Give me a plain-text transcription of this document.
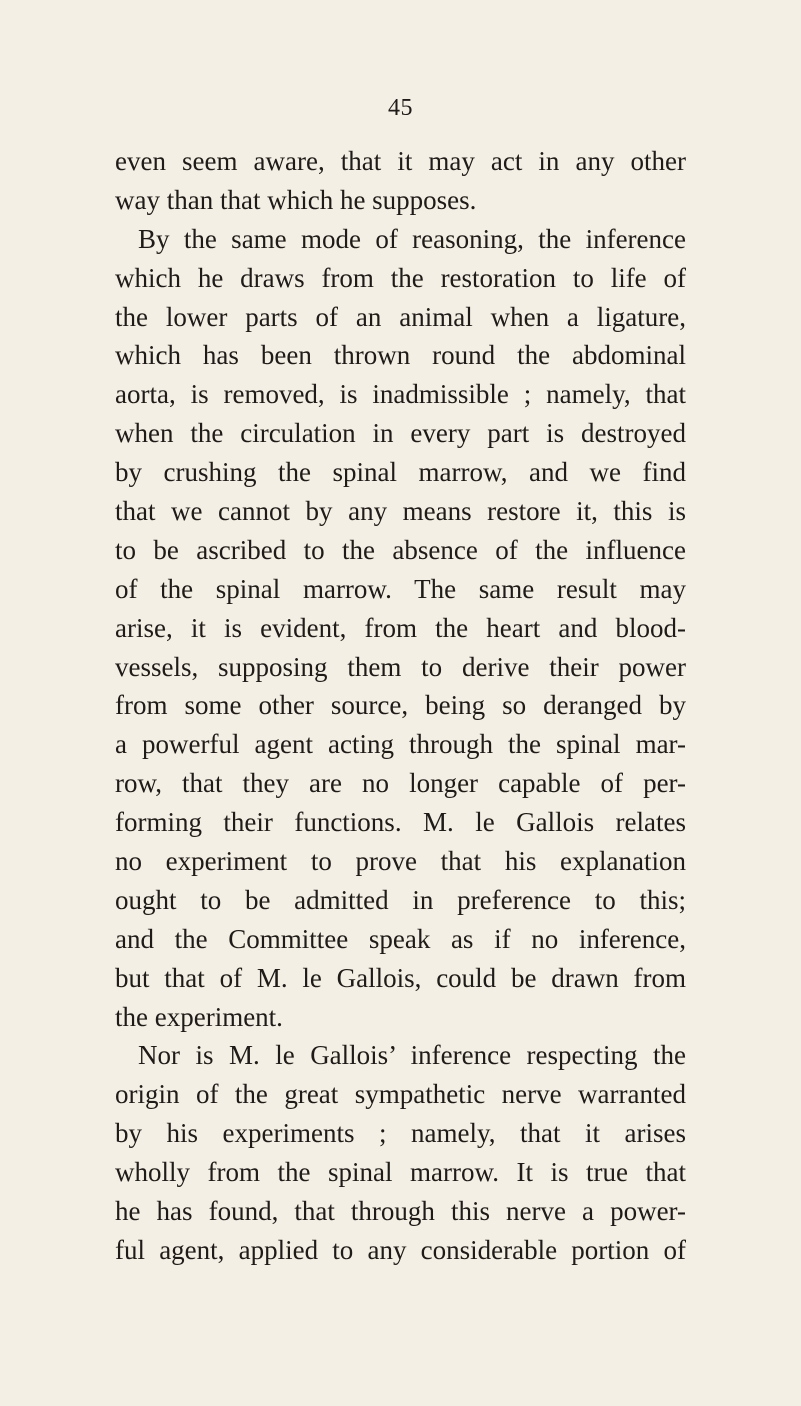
45
even seem aware, that it may act in any other
way than that which he supposes.
By the same mode of reasoning, the inference
which he draws from the restoration to life of
the lower parts of an animal when a ligature,
which has been thrown round the abdominal
aorta, is removed, is inadmissible ; namely, that
when the circulation in every part is destroyed
by crushing the spinal marrow, and we find
that we cannot by any means restore it, this is
to be ascribed to the absence of the influence
of the spinal marrow. The same result may
arise, it is evident, from the heart and blood-
vessels, supposing them to derive their power
from some other source, being so deranged by
a powerful agent acting through the spinal mar-
row, that they are no longer capable of per-
forming their functions. M. le Gallois relates
no experiment to prove that his explanation
ought to be admitted in preference to this;
and the Committee speak as if no inference,
but that of M. le Gallois, could be drawn from
the experiment.
Nor is M. le Gallois’ inference respecting the
origin of the great sympathetic nerve warranted
by his experiments ; namely, that it arises
wholly from the spinal marrow. It is true that
he has found, that through this nerve a power-
ful agent, applied to any considerable portion of
